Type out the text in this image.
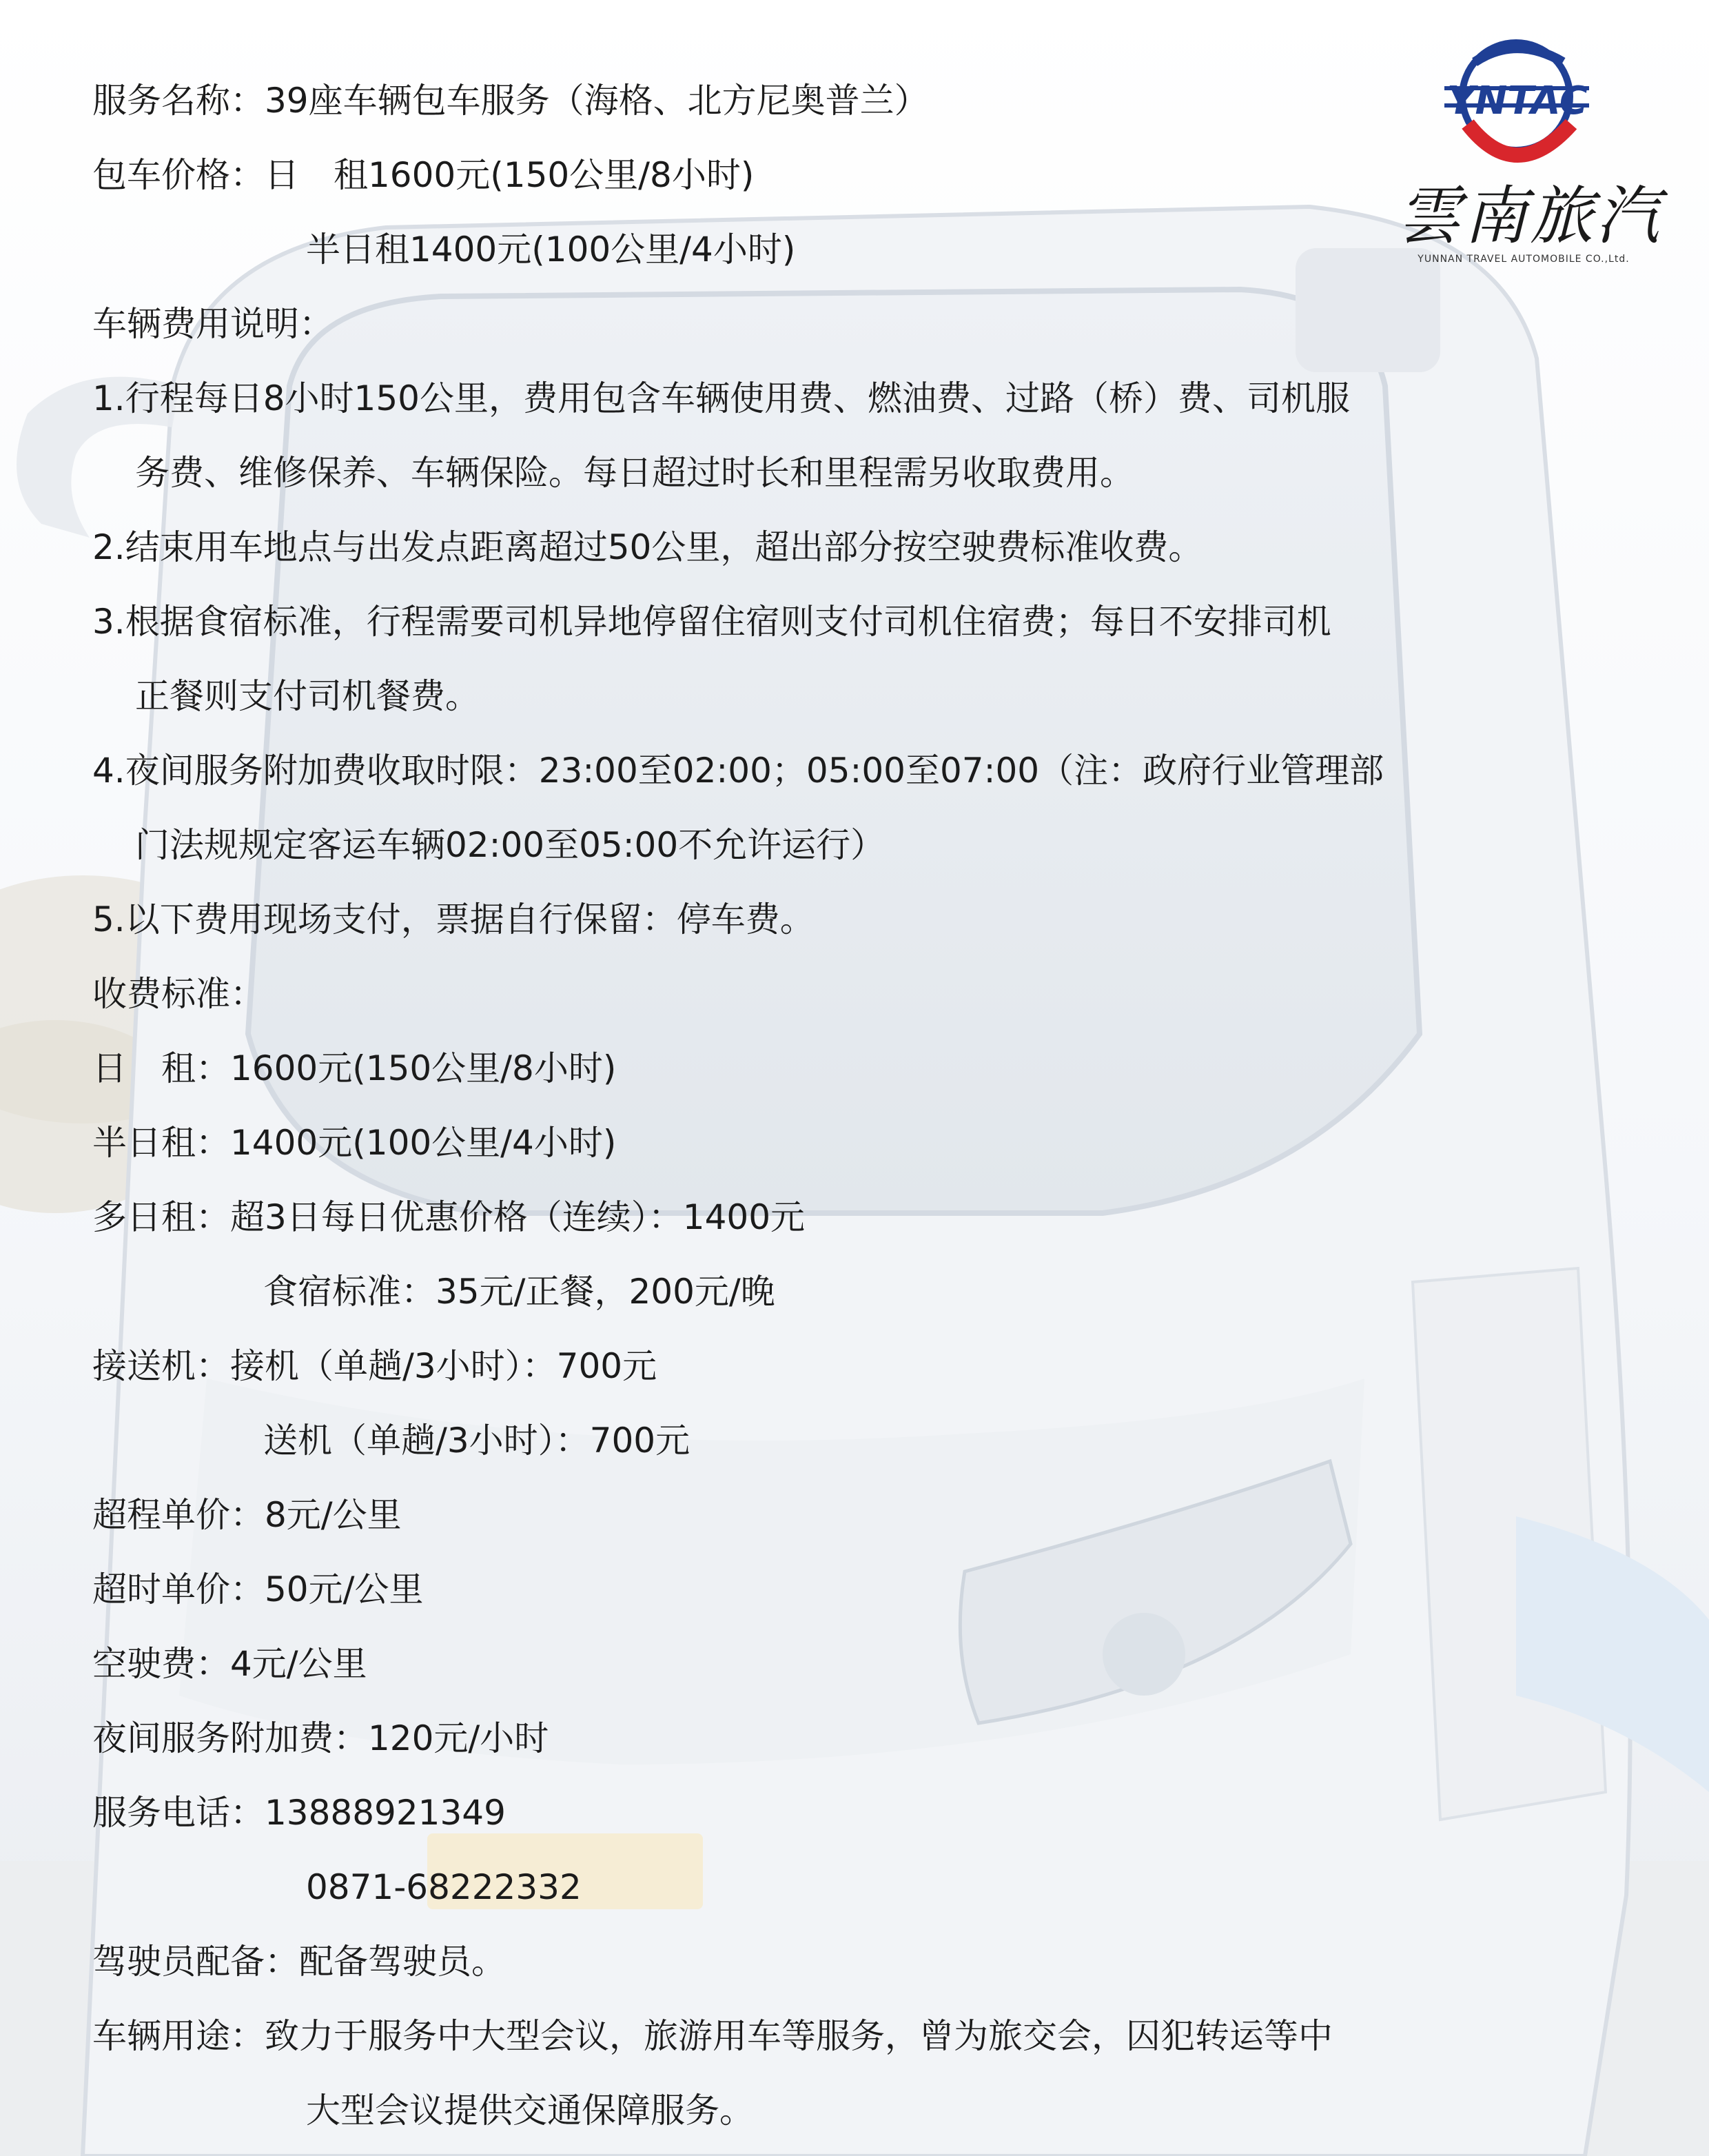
YNTAC
雲南旅汽
YUNNAN TRAVEL AUTOMOBILE CO.,Ltd.
服务名称：39座车辆包车服务（海格、北方尼奥普兰）
包车价格：日　租1600元(150公里/8小时)
半日租1400元(100公里/4小时)
车辆费用说明：
1.行程每日8小时150公里，费用包含车辆使用费、燃油费、过路（桥）费、司机服
务费、维修保养、车辆保险。每日超过时长和里程需另收取费用。
2.结束用车地点与出发点距离超过50公里，超出部分按空驶费标准收费。
3.根据食宿标准，行程需要司机异地停留住宿则支付司机住宿费；每日不安排司机
正餐则支付司机餐费。
4.夜间服务附加费收取时限：23:00至02:00；05:00至07:00（注：政府行业管理部
门法规规定客运车辆02:00至05:00不允许运行）
5.以下费用现场支付，票据自行保留：停车费。
收费标准：
日　租：1600元(150公里/8小时)
半日租：1400元(100公里/4小时)
多日租：超3日每日优惠价格（连续）：1400元
食宿标准：35元/正餐，200元/晚
接送机：接机（单趟/3小时）：700元
送机（单趟/3小时）：700元
超程单价：8元/公里
超时单价：50元/公里
空驶费：4元/公里
夜间服务附加费：120元/小时
服务电话：13888921349
0871-68222332
驾驶员配备：配备驾驶员。
车辆用途：致力于服务中大型会议，旅游用车等服务，曾为旅交会，囚犯转运等中
大型会议提供交通保障服务。
